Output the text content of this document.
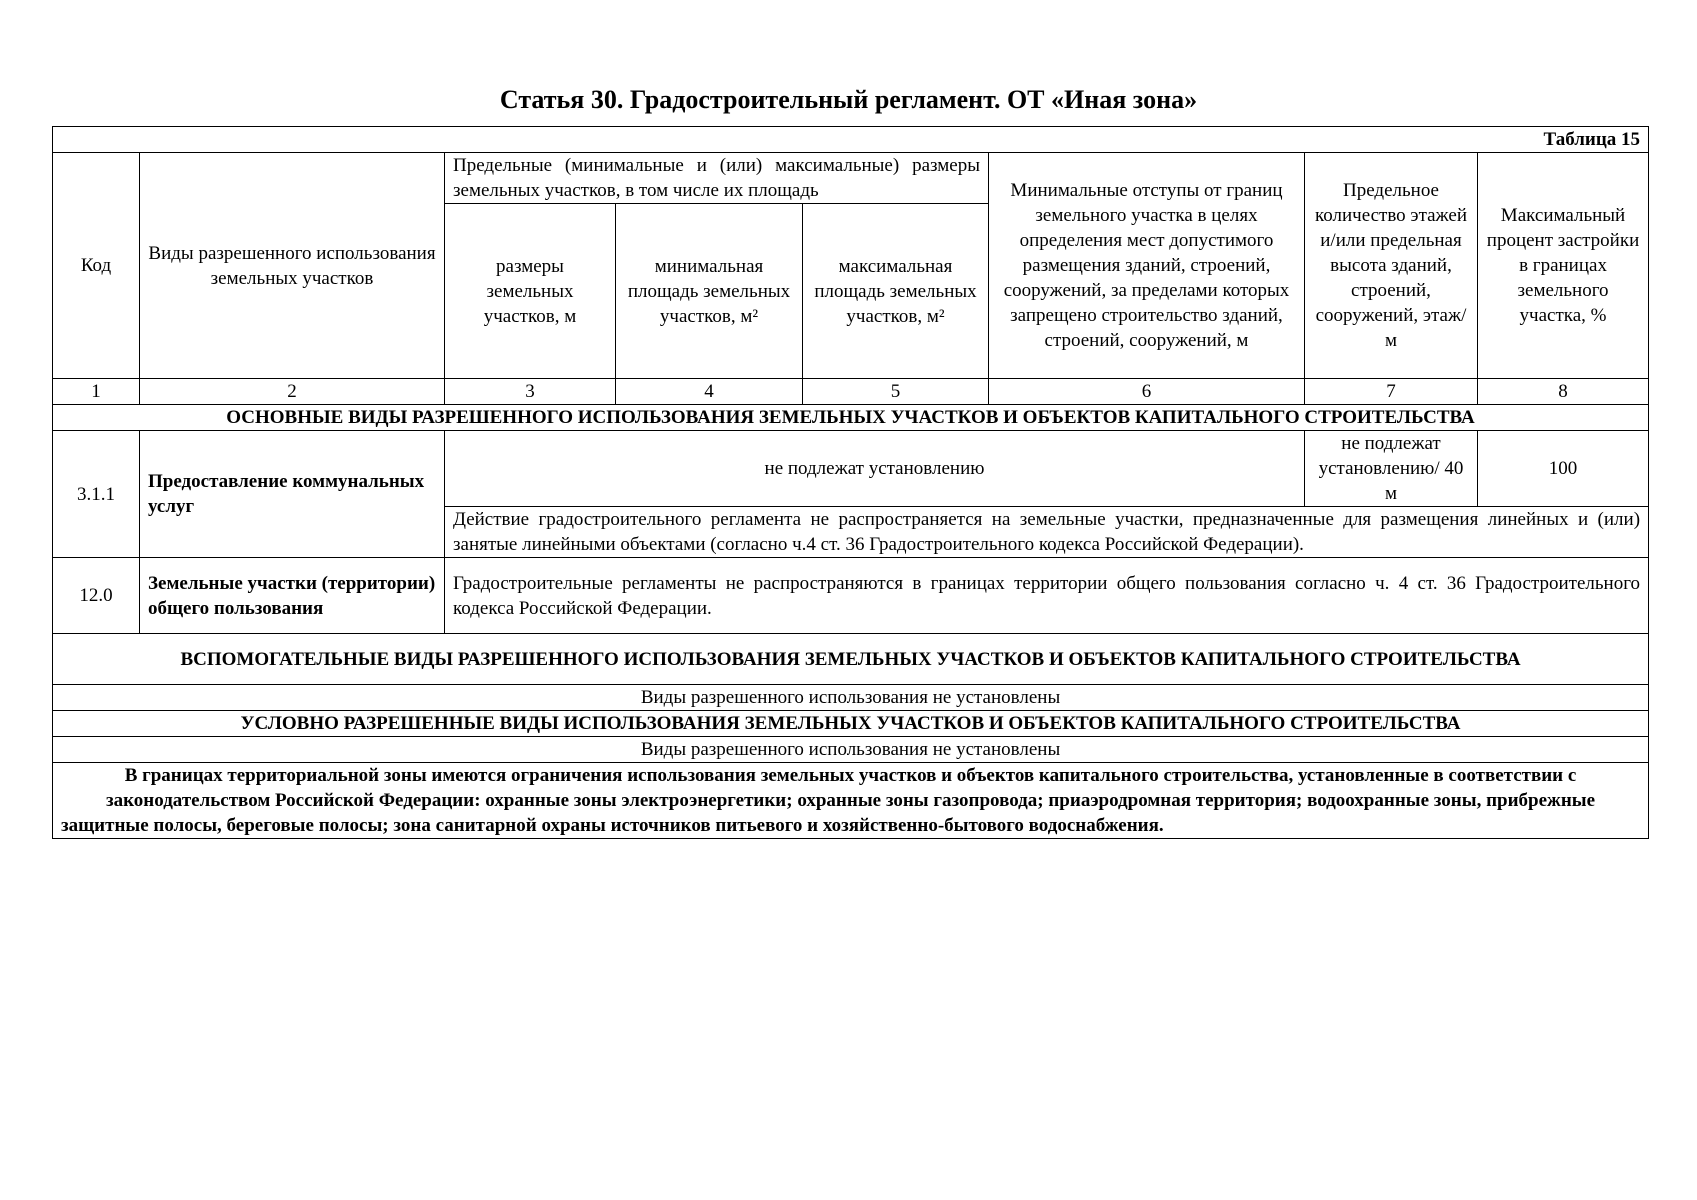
Статья 30. Градостроительный регламент. ОТ «Иная зона»
Таблица 15							
Код	Виды разрешенного использования земельных участков	Предельные (минимальные и (или) максимальные) размеры земельных участков, в том числе их площадь			Минимальные отступы от границ земельного участка в целях определения мест допустимого размещения зданий, строений, сооружений, за пределами которых запрещено строительство зданий, строений, сооружений, м	Предельное количество этажей и/или предельная высота зданий, строений, сооружений, этаж/м	Максимальный процент застройки в границах земельного участка, %
		размеры земельных участков, м	минимальная площадь земельных участков, м²	максимальная площадь земельных участков, м²			
1	2	3	4	5	6	7	8
ОСНОВНЫЕ ВИДЫ РАЗРЕШЕННОГО ИСПОЛЬЗОВАНИЯ ЗЕМЕЛЬНЫХ УЧАСТКОВ И ОБЪЕКТОВ КАПИТАЛЬНОГО СТРОИТЕЛЬСТВА							
3.1.1	Предоставление коммунальных услуг	не подлежат установлению				не подлежат установлению/ 40 м	100
		Действие градостроительного регламента не распространяется на земельные участки, предназначенные для размещения линейных и (или) занятые линейными объектами (согласно ч.4 ст. 36 Градостроительного кодекса Российской Федерации).					
12.0	Земельные участки (территории) общего пользования	Градостроительные регламенты не распространяются в границах территории общего пользования согласно ч. 4 ст. 36 Градостроительного кодекса Российской Федерации.					
ВСПОМОГАТЕЛЬНЫЕ ВИДЫ РАЗРЕШЕННОГО ИСПОЛЬЗОВАНИЯ ЗЕМЕЛЬНЫХ УЧАСТКОВ И ОБЪЕКТОВ КАПИТАЛЬНОГО СТРОИТЕЛЬСТВА							
Виды разрешенного использования не установлены							
УСЛОВНО РАЗРЕШЕННЫЕ ВИДЫ ИСПОЛЬЗОВАНИЯ ЗЕМЕЛЬНЫХ УЧАСТКОВ И ОБЪЕКТОВ КАПИТАЛЬНОГО СТРОИТЕЛЬСТВА							
Виды разрешенного использования не установлены							
В границах территориальной зоны имеются ограничения использования земельных участков и объектов капитального строительства, установленные в соответствии с законодательством Российской Федерации: охранные зоны электроэнергетики; охранные зоны газопровода; приаэродромная территория; водоохранные зоны, прибрежные защитные полосы, береговые полосы; зона санитарной охраны источников питьевого и хозяйственно-бытового водоснабжения.							
